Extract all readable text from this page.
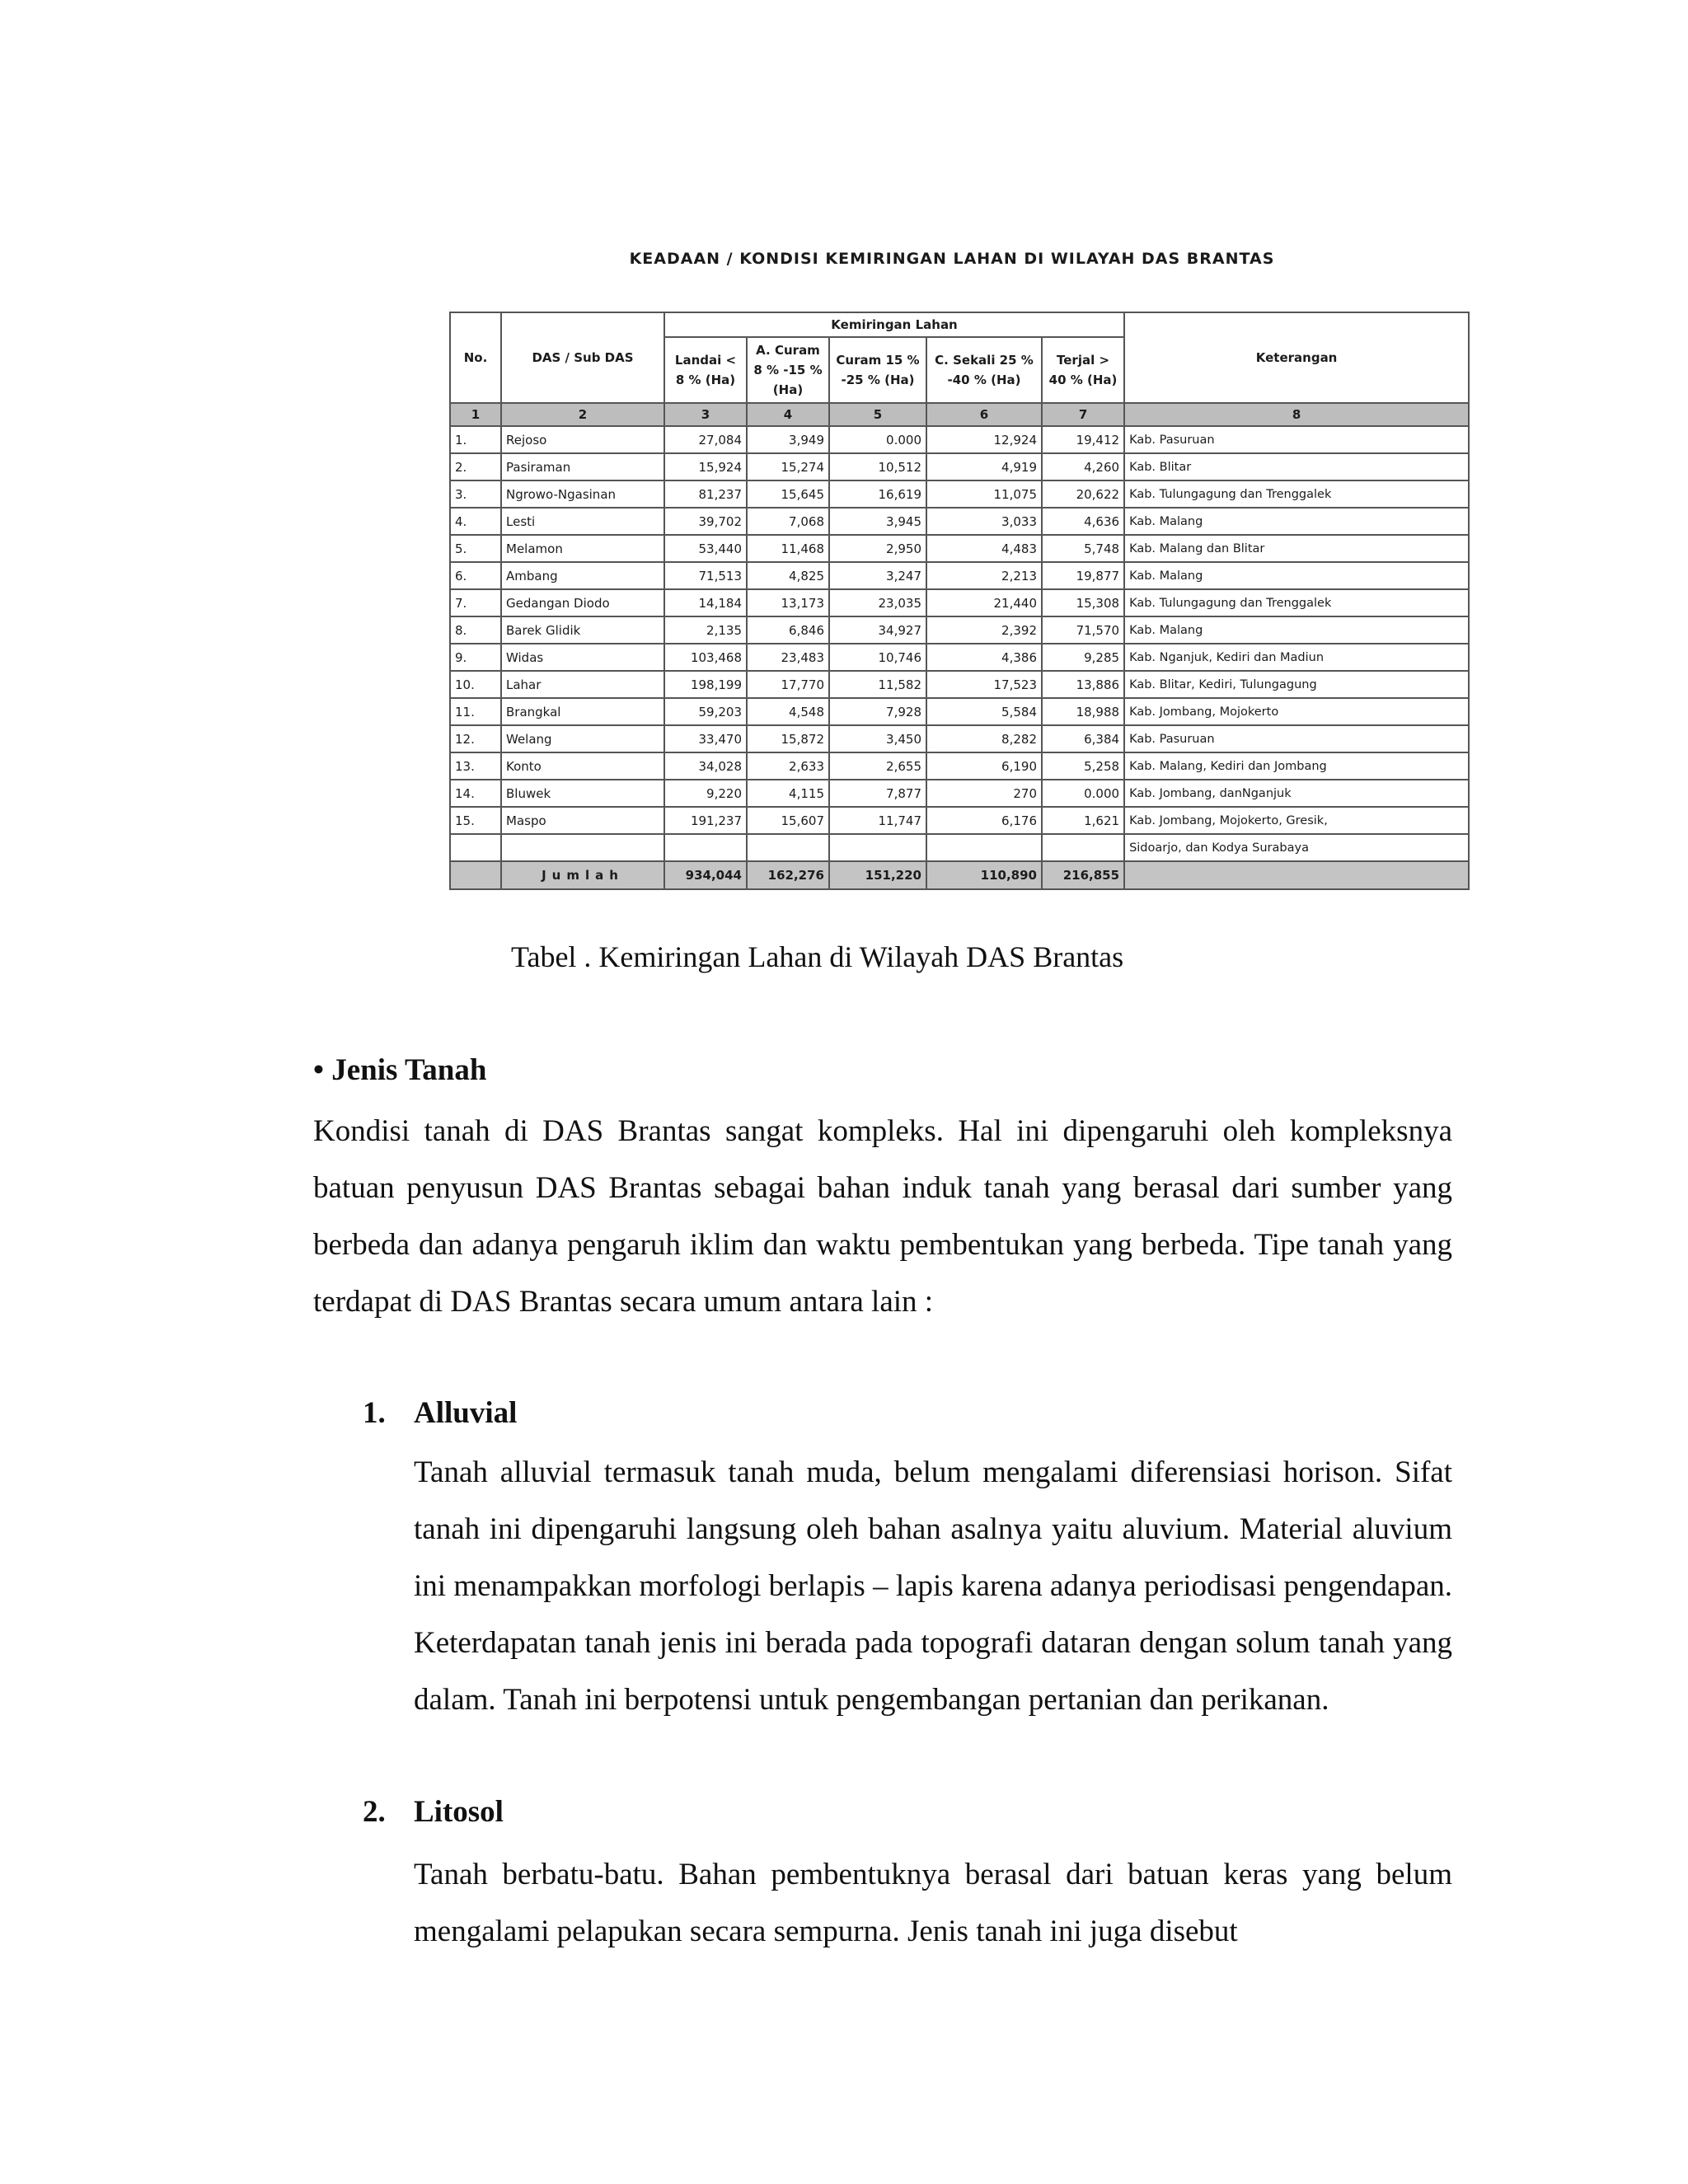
KEADAAN / KONDISI KEMIRINGAN LAHAN DI WILAYAH DAS BRANTAS
No.	DAS / Sub DAS	Kemiringan Lahan					Keterangan
		Landai < 8 % (Ha)	A. Curam 8 % -15 % (Ha)	Curam 15 % -25 % (Ha)	C. Sekali 25 % -40 % (Ha)	Terjal > 40 % (Ha)	
1	2	3	4	5	6	7	8
1.	Rejoso	27,084	3,949	0.000	12,924	19,412	Kab. Pasuruan
2.	Pasiraman	15,924	15,274	10,512	4,919	4,260	Kab. Blitar
3.	Ngrowo-Ngasinan	81,237	15,645	16,619	11,075	20,622	Kab. Tulungagung dan Trenggalek
4.	Lesti	39,702	7,068	3,945	3,033	4,636	Kab. Malang
5.	Melamon	53,440	11,468	2,950	4,483	5,748	Kab. Malang dan Blitar
6.	Ambang	71,513	4,825	3,247	2,213	19,877	Kab. Malang
7.	Gedangan Diodo	14,184	13,173	23,035	21,440	15,308	Kab. Tulungagung dan Trenggalek
8.	Barek Glidik	2,135	6,846	34,927	2,392	71,570	Kab. Malang
9.	Widas	103,468	23,483	10,746	4,386	9,285	Kab. Nganjuk, Kediri dan Madiun
10.	Lahar	198,199	17,770	11,582	17,523	13,886	Kab. Blitar, Kediri, Tulungagung
11.	Brangkal	59,203	4,548	7,928	5,584	18,988	Kab. Jombang, Mojokerto
12.	Welang	33,470	15,872	3,450	8,282	6,384	Kab. Pasuruan
13.	Konto	34,028	2,633	2,655	6,190	5,258	Kab. Malang, Kediri dan Jombang
14.	Bluwek	9,220	4,115	7,877	270	0.000	Kab. Jombang, danNganjuk
15.	Maspo	191,237	15,607	11,747	6,176	1,621	Kab. Jombang, Mojokerto, Gresik,
							Sidoarjo, dan Kodya Surabaya
	Jumlah	934,044	162,276	151,220	110,890	216,855	
Tabel . Kemiringan Lahan di Wilayah DAS Brantas
• Jenis Tanah
Kondisi tanah di DAS Brantas sangat kompleks. Hal ini dipengaruhi oleh kompleksnya batuan penyusun DAS Brantas sebagai bahan induk tanah yang berasal dari sumber yang berbeda dan adanya pengaruh iklim dan waktu pembentukan yang berbeda. Tipe tanah yang terdapat di DAS Brantas secara umum antara lain :
1. Alluvial
Tanah alluvial termasuk tanah muda, belum mengalami diferensiasi horison. Sifat tanah ini dipengaruhi langsung oleh bahan asalnya yaitu aluvium. Material aluvium ini menampakkan morfologi berlapis – lapis karena adanya periodisasi pengendapan. Keterdapatan tanah jenis ini berada pada topografi dataran dengan solum tanah yang dalam. Tanah ini berpotensi untuk pengembangan pertanian dan perikanan.
2. Litosol
Tanah berbatu-batu. Bahan pembentuknya berasal dari batuan keras yang belum mengalami pelapukan secara sempurna. Jenis tanah ini juga disebut
